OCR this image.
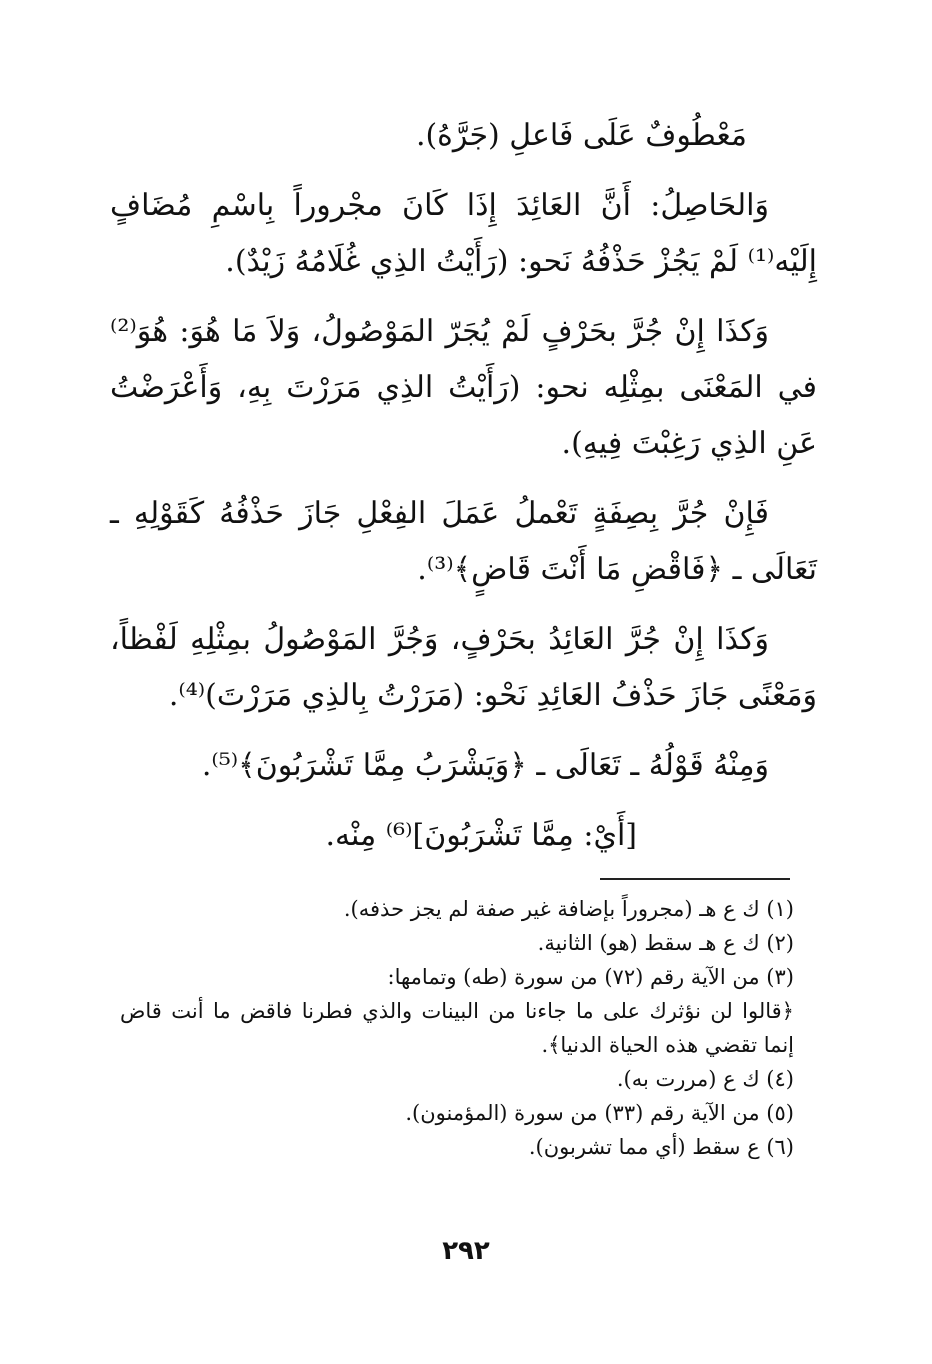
مَعْطُوفٌ عَلَى فَاعلِ (جَرَّهُ).

وَالحَاصِلُ: أَنَّ العَائِدَ إِذَا كَانَ مجْروراً بِاسْمِ مُضَافٍ إِلَيْه⁽¹⁾ لَمْ يَجُزْ حَذْفُهُ نَحو: (رَأَيْتُ الذِي غُلَامُهُ زَيْدٌ).

وَكذَا إِنْ جُرَّ بحَرْفٍ لَمْ يُجَرّ المَوْصُولُ، وَلاَ مَا هُوَ: هُوَ⁽²⁾ في المَعْنَى بمِثْلِه نحو: (رَأَيْتُ الذِي مَرَرْتَ بِهِ، وَأَعْرَضْتُ عَنِ الذِي رَغِبْتَ فِيهِ).

فَإِنْ جُرَّ بِصِفَةٍ تَعْملُ عَمَلَ الفِعْلِ جَازَ حَذْفُهُ كَقَوْلِهِ ـ تَعَالَى ـ ﴿فَاقْضِ مَا أَنْتَ قَاضٍ﴾⁽³⁾.

وَكذَا إِنْ جُرَّ العَائِدُ بحَرْفٍ، وَجُرَّ المَوْصُولُ بمِثْلِهِ لَفْظاً، وَمَعْنًى جَازَ حَذْفُ العَائِدِ نَحْو: (مَرَرْتُ بِالذِي مَرَرْتَ)⁽⁴⁾.

وَمِنْهُ قَوْلُهُ ـ تَعَالَى ـ ﴿وَيَشْرَبُ مِمَّا تَشْرَبُونَ﴾⁽⁵⁾.

[أَيْ: مِمَّا تَشْرَبُونَ]⁽⁶⁾ مِنْه.

(١) ك ع هـ (مجروراً بإضافة غير صفة لم يجز حذفه).

(٢) ك ع هـ سقط (هو) الثانية.

(٣) من الآية رقم (٧٢) من سورة (طه) وتمامها:

﴿قالوا لن نؤثرك على ما جاءنا من البينات والذي فطرنا فاقض ما أنت قاض إنما تقضي هذه الحياة الدنيا﴾.

(٤) ك ع (مررت به).

(٥) من الآية رقم (٣٣) من سورة (المؤمنون).

(٦) ع سقط (أي مما تشربون).

٢٩٢
